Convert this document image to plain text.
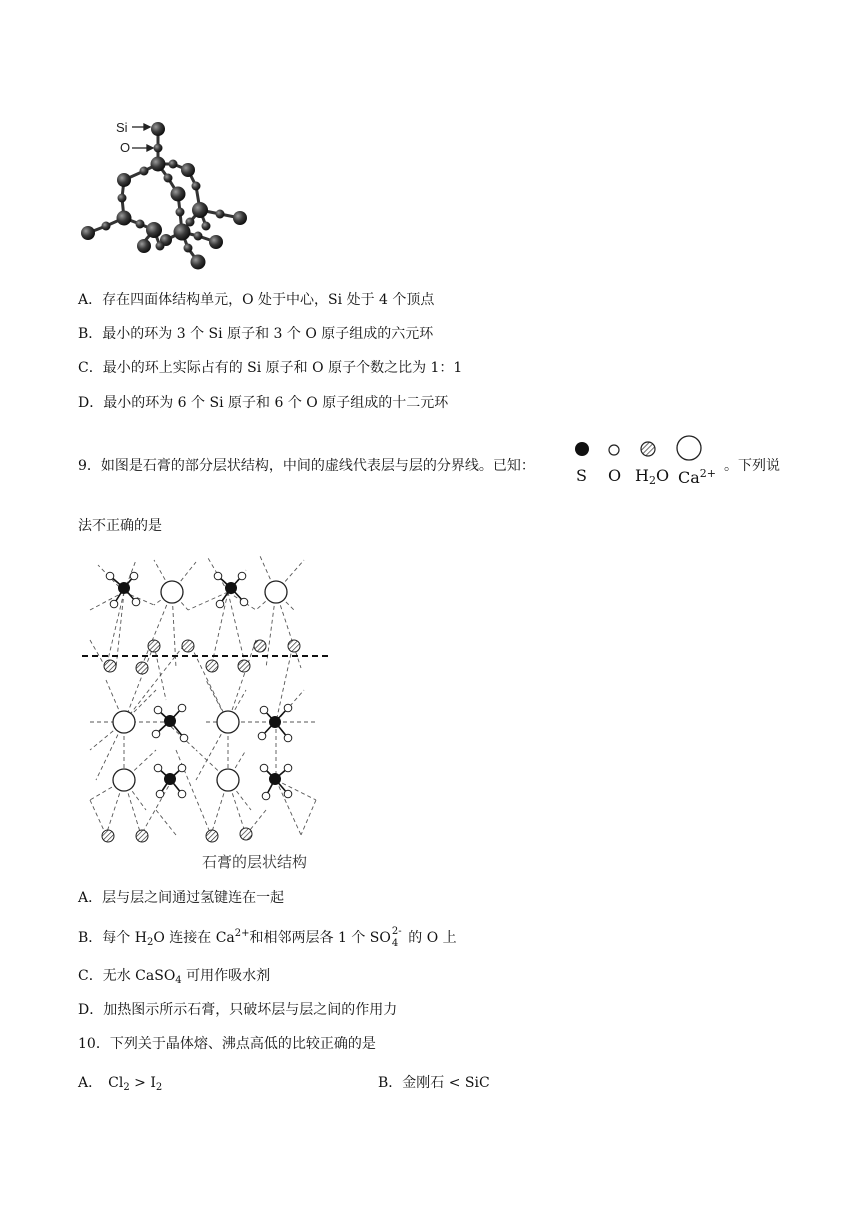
Si
O
A．存在四面体结构单元，O 处于中心，Si 处于 4 个顶点
B．最小的环为 3 个 Si 原子和 3 个 O 原子组成的六元环
C．最小的环上实际占有的 Si 原子和 O 原子个数之比为 1：1
D．最小的环为 6 个 Si 原子和 6 个 O 原子组成的十二元环
9．如图是石膏的部分层状结构，中间的虚线代表层与层的分界线。已知：	S O $H_2O$ $Ca^{2+}$ 。下列说
法不正确的是
石膏的层状结构
A．层与层之间通过氢键连在一起
B．每个 $H_2O$ 连接在 $Ca^{2+}$和相邻两层各 1 个 SO 2-
4 的 O 上
C．无水 CaSO$_4$ 可用作吸水剂
D．加热图示所示石膏，只破坏层与层之间的作用力
10．下列关于晶体熔、沸点高低的比较正确的是
A． $Cl_2 > I_2$	B．金刚石 < SiC
